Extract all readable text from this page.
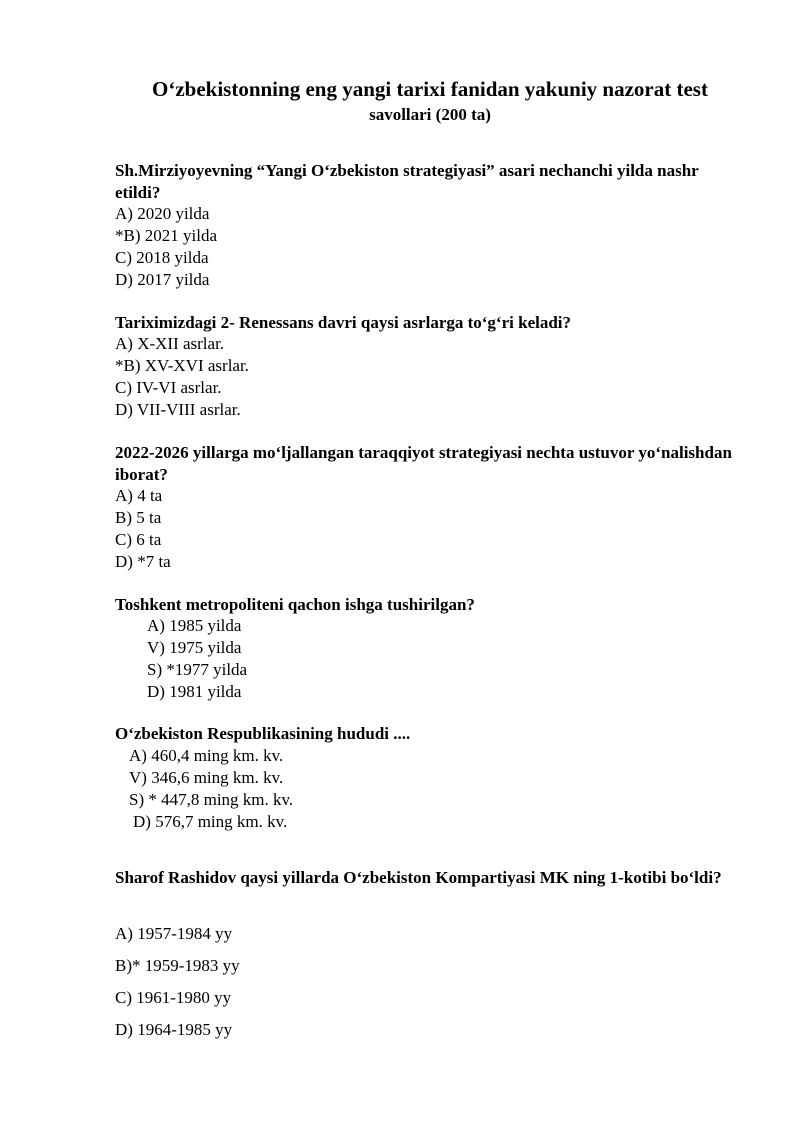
O‘zbekistonning eng yangi tarixi fanidan yakuniy nazorat test
savollari (200 ta)
Sh.Mirziyoyevning “Yangi O‘zbekiston strategiyasi” asari nechanchi yilda nashr etildi?
A) 2020 yilda
*B) 2021 yilda
C) 2018 yilda
D) 2017 yilda
Tariximizdagi 2- Renessans davri qaysi asrlarga to‘g‘ri keladi?
A) X-XII asrlar.
*B) XV-XVI asrlar.
C) IV-VI asrlar.
D) VII-VIII asrlar.
2022-2026 yillarga mo‘ljallangan taraqqiyot strategiyasi nechta ustuvor yo‘nalishdan iborat?
A) 4 ta
B) 5 ta
C) 6 ta
D) *7 ta
Toshkent metropoliteni qachon ishga tushirilgan?
A) 1985 yilda
V) 1975 yilda
S) *1977 yilda
D) 1981 yilda
O‘zbekiston Respublikasining hududi ....
A) 460,4 ming km. kv.
V) 346,6 ming km. kv.
S) * 447,8 ming km. kv.
D) 576,7 ming km. kv.
Sharof Rashidov qaysi yillarda O‘zbekiston Kompartiyasi MK ning 1-kotibi bo‘ldi?
A) 1957-1984 yy
B)* 1959-1983 yy
C) 1961-1980 yy
D) 1964-1985 yy
